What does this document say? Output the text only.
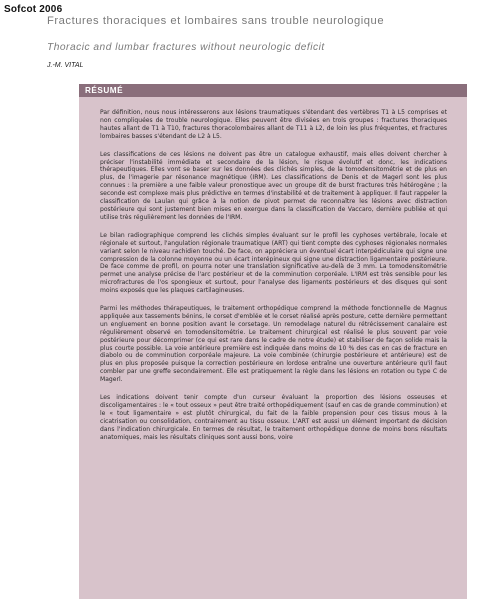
Sofcot 2006
Fractures thoraciques et lombaires sans trouble neurologique
Thoracic and lumbar fractures without neurologic deficit
J.-M. VITAL
RÉSUMÉ

Par définition, nous nous intéresserons aux lésions traumatiques s'étendant des vertèbres T1 à L5 comprises et non compliquées de trouble neurologique. Elles peuvent être divisées en trois groupes : fractures thoraciques hautes allant de T1 à T10, fractures thoracolombaires allant de T11 à L2, de loin les plus fréquentes, et fractures lombaires basses s'étendant de L2 à L5.

Les classifications de ces lésions ne doivent pas être un catalogue exhaustif, mais elles doivent chercher à préciser l'instabilité immédiate et secondaire de la lésion, le risque évolutif et donc, les indications thérapeutiques. Elles vont se baser sur les données des clichés simples, de la tomodensitométrie et de plus en plus, de l'imagerie par résonance magnétique (IRM). Les classifications de Denis et de Magerl sont les plus connues : la première a une faible valeur pronostique avec un groupe dit de burst fractures très hétérogène ; la seconde est complexe mais plus prédictive en termes d'instabilité et de traitement à appliquer. Il faut rappeler la classification de Laulan qui grâce à la notion de pivot permet de reconnaître les lésions avec distraction postérieure qui sont justement bien mises en exergue dans la classification de Vaccaro, dernière publiée et qui utilise très régulièrement les données de l'IRM.

Le bilan radiographique comprend les clichés simples évaluant sur le profil les cyphoses vertébrale, locale et régionale et surtout, l'angulation régionale traumatique (ART) qui tient compte des cyphoses régionales normales variant selon le niveau rachidien touché. De face, on appréciera un éventuel écart interpédiculaire qui signe une compression de la colonne moyenne ou un écart interépineux qui signe une distraction ligamentaire postérieure. De face comme de profil, on pourra noter une translation significative au-delà de 3 mm. La tomodensitométrie permet une analyse précise de l'arc postérieur et de la comminution corporéale. L'IRM est très sensible pour les microfractures de l'os spongieux et surtout, pour l'analyse des ligaments postérieurs et des disques qui sont moins exposés que les plaques cartilagineuses.

Parmi les méthodes thérapeutiques, le traitement orthopédique comprend la méthode fonctionnelle de Magnus appliquée aux tassements bénins, le corset d'emblée et le corset réalisé après posture, cette dernière permettant un engluement en bonne position avant le corsetage. Un remodelage naturel du rétrécissement canalaire est régulièrement observé en tomodensitométrie. Le traitement chirurgical est réalisé le plus souvent par voie postérieure pour décomprimer (ce qui est rare dans le cadre de notre étude) et stabiliser de façon solide mais la plus courte possible. La voie antérieure première est indiquée dans moins de 10 % des cas en cas de fracture en diabolo ou de comminution corporéale majeure. La voie combinée (chirurgie postérieure et antérieure) est de plus en plus proposée puisque la correction postérieure en lordose entraîne une ouverture antérieure qu'il faut combler par une greffe secondairement. Elle est pratiquement la règle dans les lésions en rotation ou type C de Magerl.

Les indications doivent tenir compte d'un curseur évaluant la proportion des lésions osseuses et discoligamentaires : le « tout osseux » peut être traité orthopédiquement (sauf en cas de grande comminution) et le « tout ligamentaire » est plutôt chirurgical, du fait de la faible propension pour ces tissus mous à la cicatrisation ou consolidation, contrairement au tissu osseux. L'ART est aussi un élément important de décision dans l'indication chirurgicale. En termes de résultat, le traitement orthopédique donne de moins bons résultats anatomiques, mais les résultats cliniques sont aussi bons, voire
